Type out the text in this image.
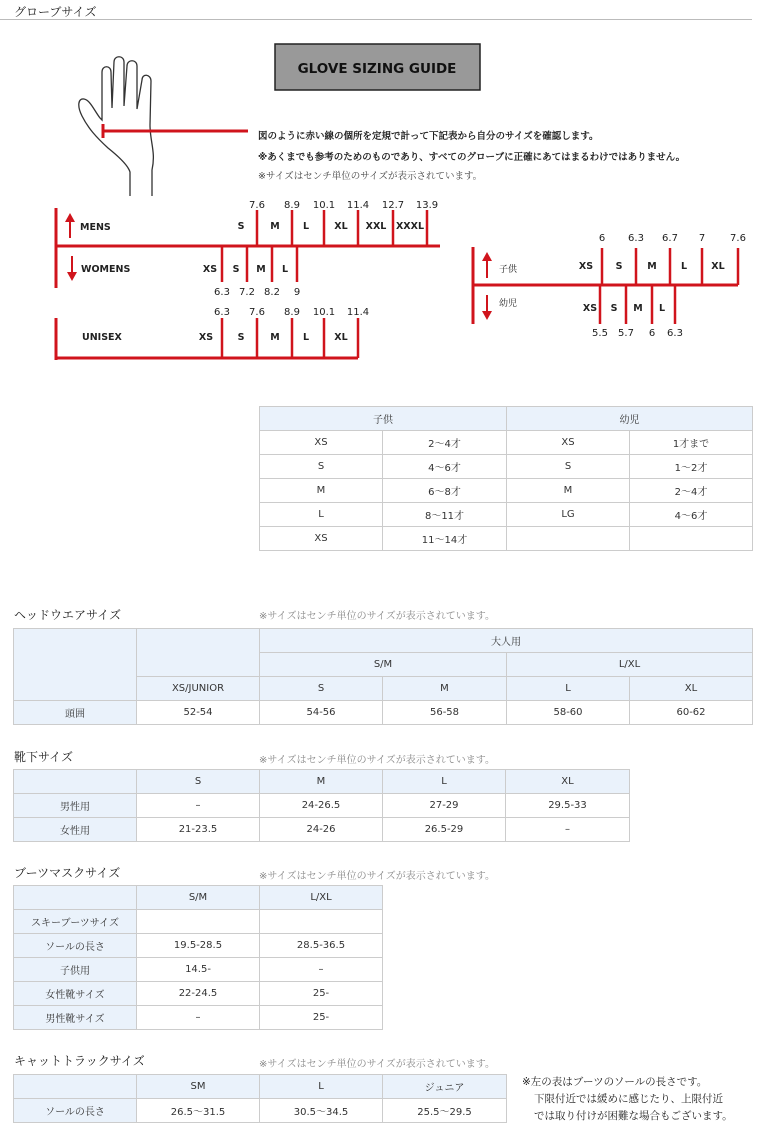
グローブサイズ
GLOVE SIZING GUIDE
MENS
WOMENS
UNISEX
7.6 8.9 10.1 11.4 12.7 13.9
S	M L	XL XXL XXXL
6.3 7.2 8.2 9
XS S M L
6.3 7.6 8.9 10.1 11.4
XS	S	M L	XL
子供
幼児
6 6.3 6.7 7 7.6
XS S	M	L	XL
5.5 5.7 6 6.3
XS S M L
図のように赤い線の個所を定規で計って下記表から自分のサイズを確認します。
※あくまでも参考のためのものであり、すべてのグローブに正確にあてはまるわけではありません。
※サイズはセンチ単位のサイズが表示されています。
子供		幼児	
XS	2～4才	XS	1才まで
S	4～6才	S	1～2才
M	6～8才	M	2～4才
L	8～11才	LG	4～6才
XS	11～14才		
ヘッドウエアサイズ	※サイズはセンチ単位のサイズが表示されています。
		大人用			
		S/M		L/XL	
	XS/JUNIOR	S	M	L	XL
頭囲	52-54	54-56	56-58	58-60	60-62
靴下サイズ	※サイズはセンチ単位のサイズが表示されています。
	S	M	L	XL
男性用	–	24-26.5	27-29	29.5-33
女性用	21-23.5	24-26	26.5-29	–
ブーツマスクサイズ	※サイズはセンチ単位のサイズが表示されています。
	S/M	L/XL
スキーブーツサイズ		
ソールの長さ	19.5-28.5	28.5-36.5
子供用	14.5-	–
女性靴サイズ	22-24.5	25-
男性靴サイズ	–	25-
キャットトラックサイズ	※サイズはセンチ単位のサイズが表示されています。
	SM	L	ジュニア
ソールの長さ	26.5～31.5	30.5～34.5	25.5～29.5
※左の表はブーツのソールの長さです。
下限付近では緩めに感じたり、上限付近
では取り付けが困難な場合もございます。
